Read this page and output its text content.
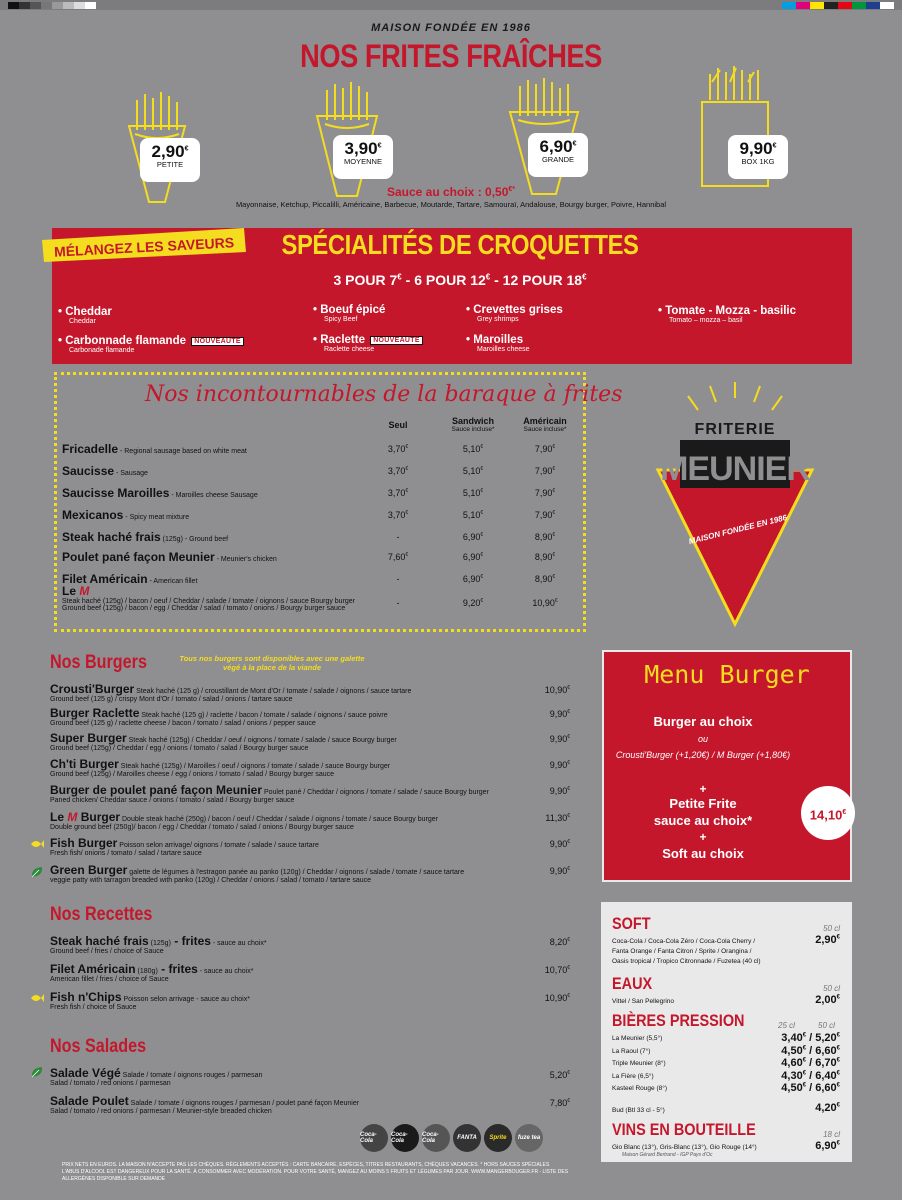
MAISON FONDÉE EN 1986
NOS FRITES FRAÎCHES
2,90€
PETITE
3,90€
MOYENNE
6,90€
GRANDE
9,90€
BOX 1KG
Sauce au choix : 0,50€*
Mayonnaise, Ketchup, Piccalilli, Américaine, Barbecue, Moutarde, Tartare, Samouraï, Andalouse, Bourgy burger, Poivre, Hannibal
MÉLANGEZ LES SAVEURS	SPÉCIALITÉS DE CROQUETTES
3 POUR 7€ - 6 POUR 12€ - 12 POUR 18€
• Cheddar
Cheddar
• Carbonnade flamande NOUVEAUTÉ
Carbonade flamande
• Boeuf épicé
Spicy Beef
• Raclette NOUVEAUTÉ
Raclette cheese
• Crevettes grises
Grey shrimps
• Maroilles
Maroilles cheese
• Tomate - Mozza - basilic
Tomato – mozza – basil
Nos incontournables de la baraque à frites
Seul	Sandwich
Sauce incluse*
Américain
Sauce incluse*
Fricadelle - Regional sausage based on white meat	3,70€	5,10€	7,90€
Saucisse - Sausage	3,70€	5,10€	7,90€
Saucisse Maroilles - Maroilles cheese Sausage	3,70€	5,10€	7,90€
Mexicanos - Spicy meat mixture	3,70€	5,10€	7,90€
Steak haché frais (125g) - Ground beef	-	6,90€	8,90€
Poulet pané façon Meunier - Meunier's chicken	7,60€	6,90€	8,90€
Filet Américain - American fillet	-	6,90€	8,90€
Le M
Steak haché (125g) / bacon / oeuf / Cheddar / salade / tomate / oignons / sauce Bourgy burger
Ground beef (125g) / bacon / egg / Cheddar / salad / tomato / onions / Bourgy burger sauce
-	9,20€	10,90€
FRITERIE
MEUNIER
MAISON FONDÉE EN 1986
Nos Burgers	Tous nos burgers sont disponibles avec une galette végé à la place de la viande
Crousti'Burger Steak haché (125 g) / croustillant de Mont d'Or / tomate / salade / oignons / sauce tartare
Ground beef (125 g) / crispy Mont d'Or / tomato / salad / onions / tartare sauce
10,90€
Burger Raclette Steak haché (125 g) / raclette / bacon / tomate / salade / oignons / sauce poivre
Ground beef (125 g) / raclette cheese / bacon / tomato / salad / onions / pepper sauce
9,90€
Super Burger Steak haché (125g) / Cheddar / oeuf / oignons / tomate / salade / sauce Bourgy burger
Ground beef (125g) / Cheddar / egg / onions / tomato / salad / Bourgy burger sauce
9,90€
Ch'ti Burger Steak haché (125g) / Maroilles / oeuf / oignons / tomate / salade / sauce Bourgy burger
Ground beef (125g) / Maroilles cheese / egg / onions / tomato / salad / Bourgy burger sauce
9,90€
Burger de poulet pané façon Meunier Poulet pané / Cheddar / oignons / tomate / salade / sauce Bourgy burger
Paned chicken/ Cheddar sauce / onions / tomato / salad / Bourgy burger sauce
9,90€
Le M Burger Double steak haché (250g) / bacon / oeuf / Cheddar / salade / oignons / tomate / sauce Bourgy burger
Double ground beef (250g)/ bacon / egg / Cheddar / tomato / salad / onions / Bourgy burger sauce
11,30€
Fish Burger Poisson selon arrivage/ oignons / tomate / salade / sauce tartare
Fresh fish/ onions / tomato / salad / tartare sauce
9,90€
Green Burger galette de légumes à l'estragon panée au panko (120g) / Cheddar / oignons / salade / tomate / sauce tartare
veggie patty with tarragon breaded with panko (120g) / Cheddar / onions / salad / tomato / tartare sauce
9,90€
Nos Recettes
Steak haché frais (125g) - frites - sauce au choix*
Ground beef / fries / choice of Sauce
8,20€
Filet Américain (180g) - frites - sauce au choix*
American fillet / fries / choice of Sauce
10,70€
Fish n'Chips Poisson selon arrivage - sauce au choix*
Fresh fish / choice of Sauce
10,90€
Nos Salades
Salade Végé Salade / tomate / oignons rouges / parmesan
Salad / tomato / red onions / parmesan
5,20€
Salade Poulet Salade / tomate / oignons rouges / parmesan / poulet pané façon Meunier
Salad / tomato / red onions / parmesan / Meunier-style breaded chicken
7,80€
Menu Burger
Burger au choix
ou
Crousti'Burger (+1,20€) / M Burger (+1,80€)
+
Petite Frite
sauce au choix*
+
Soft au choix
14,10€
SOFT	50 cl
Coca-Cola / Coca-Cola Zéro / Coca-Cola Cherry /
Fanta Orange / Fanta Citron / Sprite / Orangina /
Oasis tropical / Tropico Citronnade / Fuzetea (40 cl)
2,90€
EAUX	50 cl
Vittel / San Pellegrino	2,00€
BIÈRES PRESSION	25 cl	50 cl
La Meunier (5,5°)	3,40€ / 5,20€
La Raoul (7°)	4,50€ / 6,60€
Triple Meunier (8°)	4,60€ / 6,70€
La Fière (6,5°)	4,30€ / 6,40€
Kasteel Rouge (8°)	4,50€ / 6,60€
Bud (Btl 33 cl - 5°)	4,20€
VINS EN BOUTEILLE	18 cl
Gio Blanc (13°), Gris-Blanc (13°), Gio Rouge (14°)
Maison Gérard Bertrand - IGP Pays d'Oc
6,90€
Coca-Cola
Coca-Cola
Coca-Cola	FANTA	Sprite	fuze tea
PRIX NETS EN EUROS. LA MAISON N'ACCEPTE PAS LES CHÈQUES. RÈGLEMENTS ACCEPTÉS : CARTE BANCAIRE, ESPÈCES, TITRES RESTAURANTS, CHÈQUES VACANCES. * HORS SAUCES SPÉCIALES
L'ABUS D'ALCOOL EST DANGEREUX POUR LA SANTÉ. À CONSOMMER AVEC MODÉRATION. POUR VOTRE SANTÉ, MANGEZ AU MOINS 5 FRUITS ET LÉGUMES PAR JOUR. WWW.MANGERBOUGER.FR - LISTE DES ALLERGÈNES DISPONIBLE SUR DEMANDE
